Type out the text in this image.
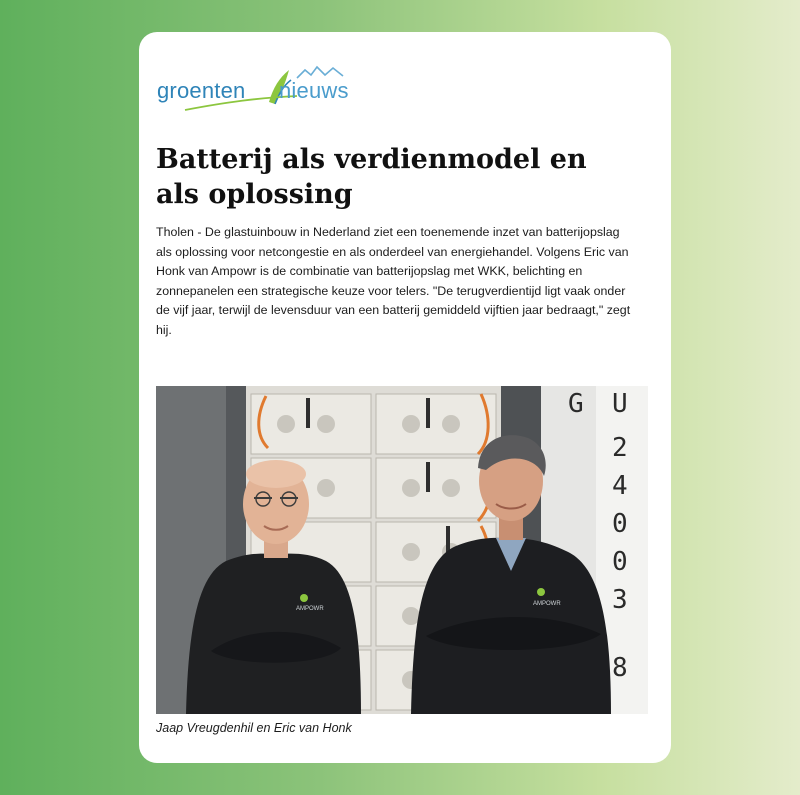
groenten nieuws
Batterij als verdienmodel en als oplossing

Tholen - De glastuinbouw in Nederland ziet een toenemende inzet van batterijopslag als oplossing voor netcongestie en als onderdeel van energiehandel. Volgens Eric van Honk van Ampowr is de combinatie van batterijopslag met WKK, belichting en zonnepanelen een strategische keuze voor telers. "De terugverdientijd ligt vaak onder de vijf jaar, terwijl de levensduur van een batterij gemiddeld vijftien jaar bedraagt," zegt hij.

G U
2
4
0
0
3
8
AMPOWR
AMPOWR

Jaap Vreugdenhil en Eric van Honk
